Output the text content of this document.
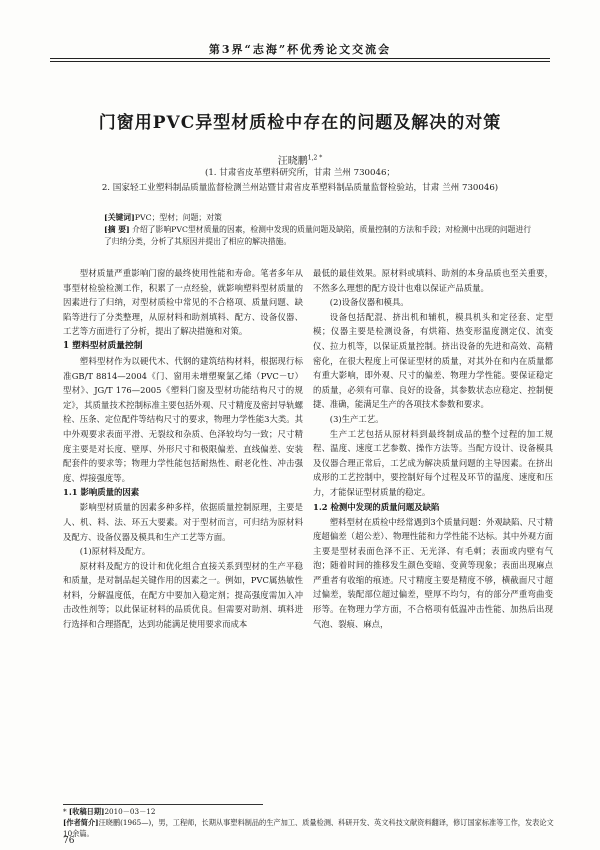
第3界“志海”杯优秀论文交流会
门窗用PVC异型材质检中存在的问题及解决的对策
汪晓鹏$^{1,2 *}$
(1. 甘肃省皮革塑料研究所，甘肃 兰州 730046；
2. 国家轻工业塑料制品质量监督检测兰州站暨甘肃省皮革塑料制品质量监督检验站，甘肃 兰州 730046)

[关键词]PVC；型材；问题；对策

[摘 要] 介绍了影响PVC型材质量的因素，检测中发现的质量问题及缺陷，质量控制的方法和手段；对检测中出现的问题进行了归纳分类，分析了其原因并提出了相应的解决措施。

型材质量严重影响门窗的最终使用性能和寿命。笔者多年从事型材检验检测工作，积累了一点经验，就影响塑料型材质量的因素进行了归纳，对型材质检中常见的不合格项、质量问题、缺陷等进行了分类整理，从原材料和助剂填料、配方、设备仪器、工艺等方面进行了分析，提出了解决措施和对策。

1 塑料型材质量控制

塑料型材作为以硬代木、代钢的建筑结构材料，根据现行标准GB/T 8814—2004《门、窗用未增塑聚氯乙烯（PVC－U）型材》、JG/T 176—2005《塑料门窗及型材功能结构尺寸的规定》，其质量技术控制标准主要包括外观、尺寸精度及密封导轨螺栓、压条、定位配件等结构尺寸的要求，物理力学性能3大类。其中外观要求表面平滑、无裂纹和杂质、色泽较均匀一致；尺寸精度主要是对长度、壁厚、外形尺寸和极限偏差、直线偏差、安装配套件的要求等；物理力学性能包括耐热性、耐老化性、冲击强度、焊接强度等。

1.1 影响质量的因素

影响型材质量的因素多种多样，依据质量控制原理，主要是人、机、料、法、环五大要素。对于型材而言，可归结为原材料及配方、设备仪器及模具和生产工艺等方面。

(1)原材料及配方。

原材料及配方的设计和优化组合直接关系到型材的生产平稳和质量，是对制品起关键作用的因素之一。例如，PVC属热敏性材料，分解温度低，在配方中要加入稳定剂；提高强度需加入冲击改性剂等；以此保证材料的品质优良。但需要对助剂、填料进行选择和合理搭配，达到功能满足使用要求而成本

最低的最佳效果。原材料或填料、助剂的本身品质也至关重要，不然多么理想的配方设计也难以保证产品质量。

(2)设备仪器和模具。

设备包括配混、挤出机和辅机，模具机头和定径套、定型模；仪器主要是检测设备，有烘箱、热变形温度测定仪、流变仪、拉力机等，以保证质量控制。挤出设备的先进和高效、高精密化，在很大程度上可保证型材的质量，对其外在和内在质量都有重大影响，即外观、尺寸的偏差、物理力学性能。要保证稳定的质量，必须有可靠、良好的设备，其参数状态应稳定、控制便捷、准确，能满足生产的各项技术参数和要求。

(3)生产工艺。

生产工艺包括从原材料到最终制成品的整个过程的加工规程、温度、速度工艺参数、操作方法等。当配方设计、设备模具及仪器合理正常后，工艺成为解决质量问题的主导因素。在挤出成形的工艺控制中，要控制好每个过程及环节的温度、速度和压力，才能保证型材质量的稳定。

1.2 检测中发现的质量问题及缺陷

塑料型材在质检中经常遇到3个质量问题：外观缺陷、尺寸精度超偏差（超公差）、物理性能和力学性能不达标。其中外观方面主要是型材表面色泽不正、无光泽、有毛刺；表面或内壁有气泡；随着时间的推移发生颜色变暗、变黄等现象；表面出现麻点严重者有收缩的痕迹。尺寸精度主要是精度不够，横截面尺寸超过偏差，装配部位超过偏差，壁厚不均匀，有的部分严重弯曲变形等。在物理力学方面，不合格项有低温冲击性能、加热后出现气泡、裂痕、麻点，

* [收稿日期]2010－03－12

[作者简介]汪晓鹏(1965—)，男，工程师，长期从事塑料制品的生产加工、质量检测、科研开发、英文科技文献资料翻译，修订国家标准等工作，发表论文10余篇。

76
